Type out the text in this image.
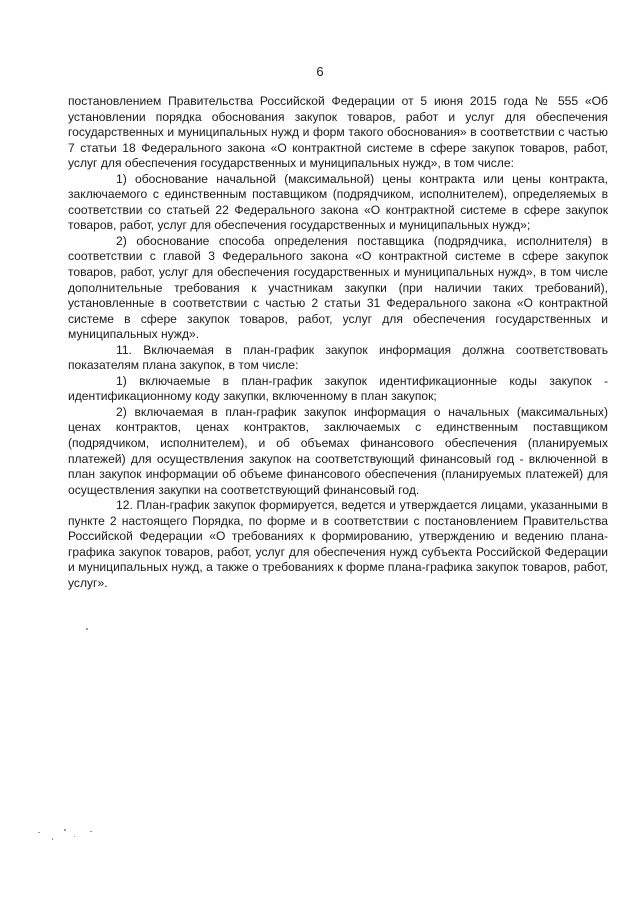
6

постановлением Правительства Российской Федерации от 5 июня 2015 года № 555 «Об установлении порядка обоснования закупок товаров, работ и услуг для обеспечения государственных и муниципальных нужд и форм такого обоснования» в соответствии с частью 7 статьи 18 Федерального закона «О контрактной системе в сфере закупок товаров, работ, услуг для обеспечения государственных и муниципальных нужд», в том числе:

1) обоснование начальной (максимальной) цены контракта или цены контракта, заключаемого с единственным поставщиком (подрядчиком, исполнителем), определяемых в соответствии со статьей 22 Федерального закона «О контрактной системе в сфере закупок товаров, работ, услуг для обеспечения государственных и муниципальных нужд»;

2) обоснование способа определения поставщика (подрядчика, исполнителя) в соответствии с главой 3 Федерального закона «О контрактной системе в сфере закупок товаров, работ, услуг для обеспечения государственных и муниципальных нужд», в том числе дополнительные требования к участникам закупки (при наличии таких требований), установленные в соответствии с частью 2 статьи 31 Федерального закона «О контрактной системе в сфере закупок товаров, работ, услуг для обеспечения государственных и муниципальных нужд».

11. Включаемая в план-график закупок информация должна соответствовать показателям плана закупок, в том числе:

1) включаемые в план-график закупок идентификационные коды закупок - идентификационному коду закупки, включенному в план закупок;

2) включаемая в план-график закупок информация о начальных (максимальных) ценах контрактов, ценах контрактов, заключаемых с единственным поставщиком (подрядчиком, исполнителем), и об объемах финансового обеспечения (планируемых платежей) для осуществления закупок на соответствующий финансовый год - включенной в план закупок информации об объеме финансового обеспечения (планируемых платежей) для осуществления закупки на соответствующий финансовый год.

12. План-график закупок формируется, ведется и утверждается лицами, указанными в пункте 2 настоящего Порядка, по форме и в соответствии с постановлением Правительства Российской Федерации «О требованиях к формированию, утверждению и ведению плана-графика закупок товаров, работ, услуг для обеспечения нужд субъекта Российской Федерации и муниципальных нужд, а также о требованиях к форме плана-графика закупок товаров, работ, услуг».
